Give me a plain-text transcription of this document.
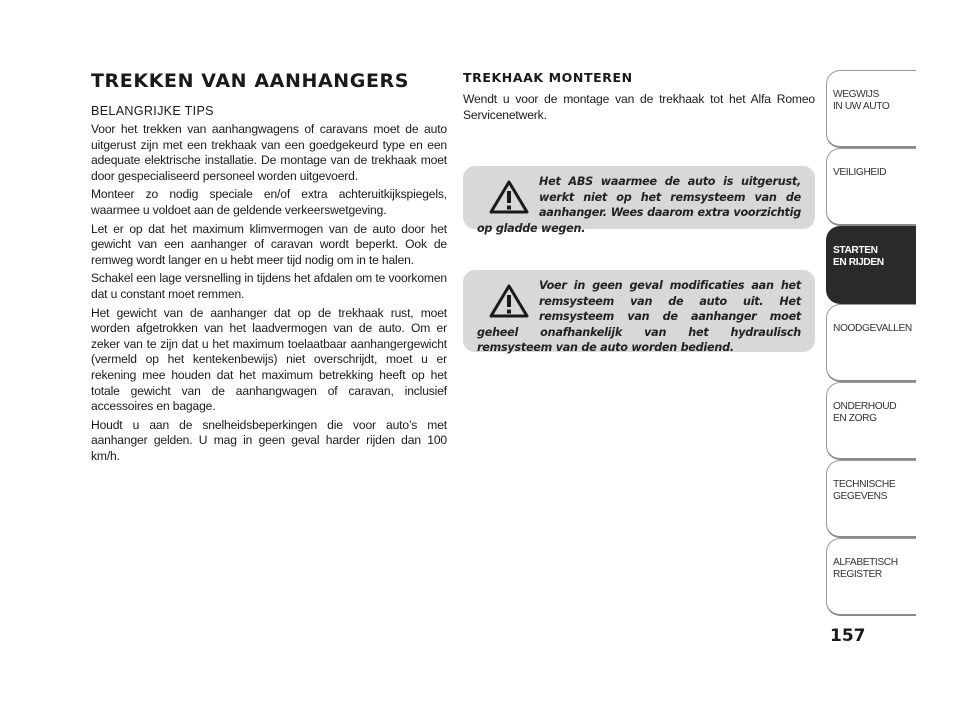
TREKKEN VAN AANHANGERS
BELANGRIJKE TIPS

Voor het trekken van aanhangwagens of caravans moet de auto uitgerust zijn met een trekhaak van een goedgekeurd type en een adequate elektrische installatie. De montage van de trekhaak moet door gespecialiseerd personeel worden uitgevoerd.

Monteer zo nodig speciale en/of extra achteruitkijkspiegels, waarmee u voldoet aan de geldende verkeerswetgeving.

Let er op dat het maximum klimvermogen van de auto door het gewicht van een aanhanger of caravan wordt beperkt. Ook de remweg wordt langer en u hebt meer tijd nodig om in te halen.

Schakel een lage versnelling in tijdens het afdalen om te voorkomen dat u constant moet remmen.

Het gewicht van de aanhanger dat op de trekhaak rust, moet worden afgetrokken van het laadvermogen van de auto. Om er zeker van te zijn dat u het maximum toelaatbaar aanhangergewicht (vermeld op het kentekenbewijs) niet overschrijdt, moet u er rekening mee houden dat het maximum betrekking heeft op het totale gewicht van de aanhangwagen of caravan, inclusief accessoires en bagage.

Houdt u aan de snelheidsbeperkingen die voor auto’s met aanhanger gelden. U mag in geen geval harder rijden dan 100 km/h.

TREKHAAK MONTEREN

Wendt u voor de montage van de trekhaak tot het Alfa Romeo Servicenetwerk.

Het ABS waarmee de auto is uitgerust, werkt niet op het remsysteem van de aanhanger. Wees daarom extra voorzichtig op gladde wegen.

Voer in geen geval modificaties aan het remsysteem van de auto uit. Het remsysteem van de aanhanger moet geheel onafhankelijk van het hydraulisch remsysteem van de auto worden bediend.

WEGWIJS
IN UW AUTO
VEILIGHEID
STARTEN
EN RIJDEN
NOODGEVALLEN
ONDERHOUD
EN ZORG
TECHNISCHE
GEGEVENS
ALFABETISCH
REGISTER
157
